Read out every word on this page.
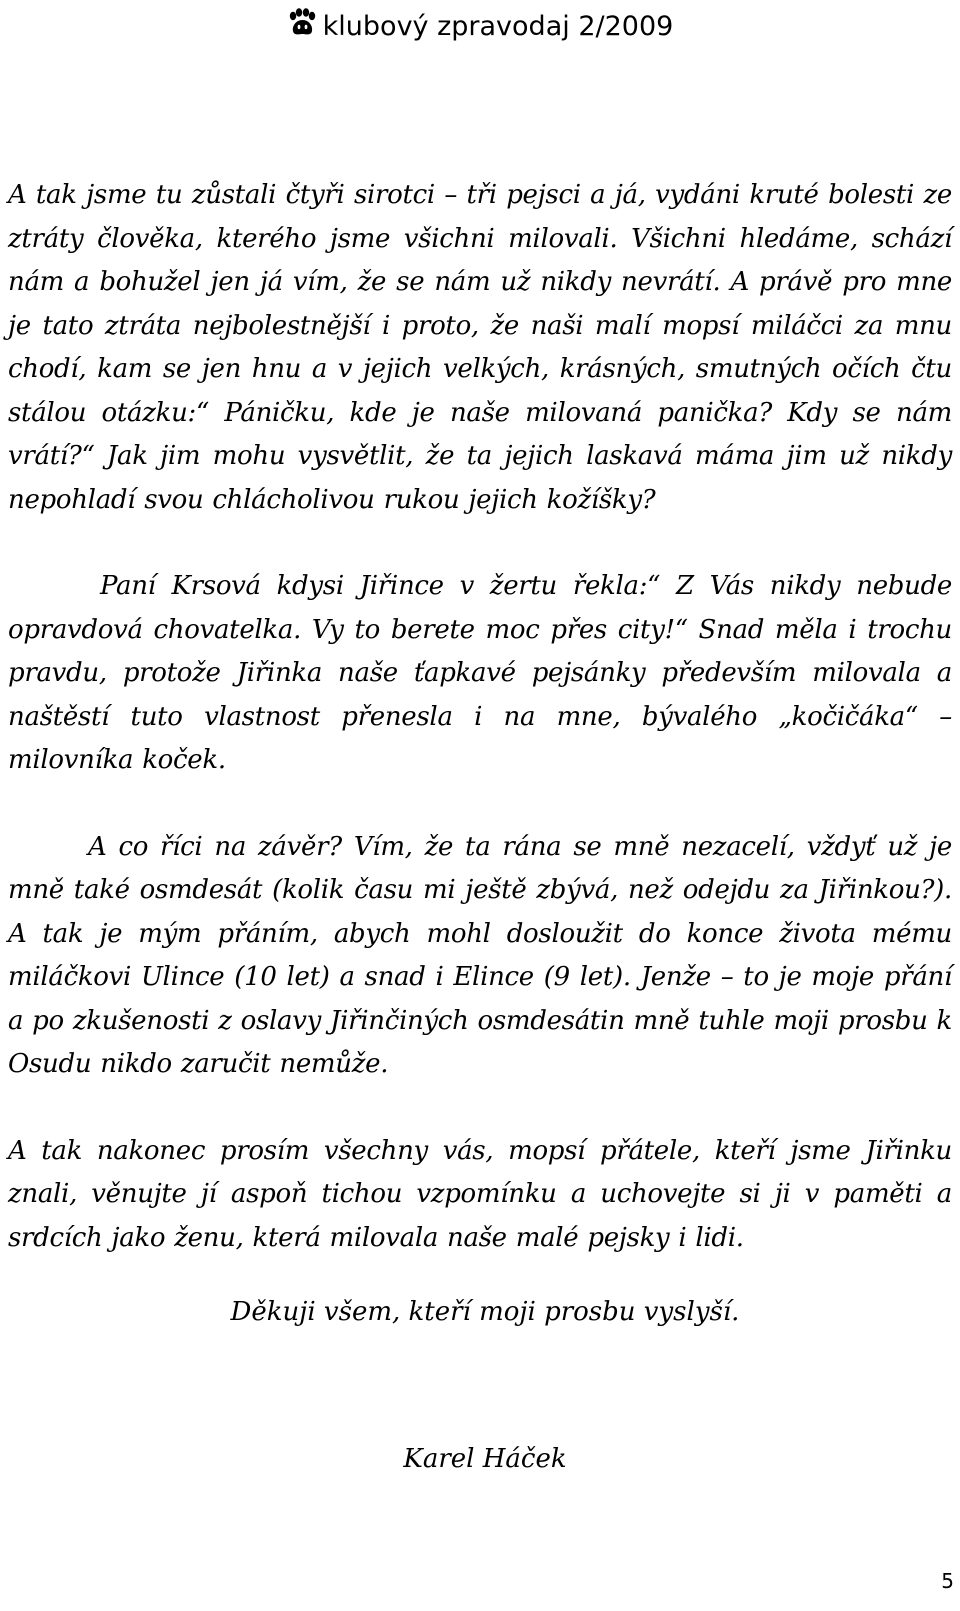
klubový zpravodaj 2/2009

A tak jsme tu zůstali čtyři sirotci – tři pejsci a já, vydáni kruté bolesti ze ztráty člověka, kterého jsme všichni milovali. Všichni hledáme, schází nám a bohužel jen já vím, že se nám už nikdy nevrátí. A právě pro mne je tato ztráta nejbolestnější i proto, že naši malí mopsí miláčci za mnu chodí, kam se jen hnu a v jejich velkých, krásných, smutných očích čtu stálou otázku:“ Páničku, kde je naše milovaná panička? Kdy se nám vrátí?“ Jak jim mohu vysvětlit, že ta jejich laskavá máma jim už nikdy nepohladí svou chlácholivou rukou jejich kožíšky?

Paní Krsová kdysi Jiřince v žertu řekla:“ Z Vás nikdy nebude opravdová chovatelka. Vy to berete moc přes city!“ Snad měla i trochu pravdu, protože Jiřinka naše ťapkavé pejsánky především milovala a naštěstí tuto vlastnost přenesla i na mne, bývalého „kočičáka“ – milovníka koček.

A co říci na závěr? Vím, že ta rána se mně nezacelí, vždyť už je mně také osmdesát (kolik času mi ještě zbývá, než odejdu za Jiřinkou?). A tak je mým přáním, abych mohl dosloužit do konce života mému miláčkovi Ulince (10 let) a snad i Elince (9 let). Jenže – to je moje přání a po zkušenosti z oslavy Jiřinčiných osmdesátin mně tuhle moji prosbu k Osudu nikdo zaručit nemůže.

A tak nakonec prosím všechny vás, mopsí přátele, kteří jsme Jiřinku znali, věnujte jí aspoň tichou vzpomínku a uchovejte si ji v paměti a srdcích jako ženu, která milovala naše malé pejsky i lidi.

Děkuji všem, kteří moji prosbu vyslyší.
Karel Háček
5
